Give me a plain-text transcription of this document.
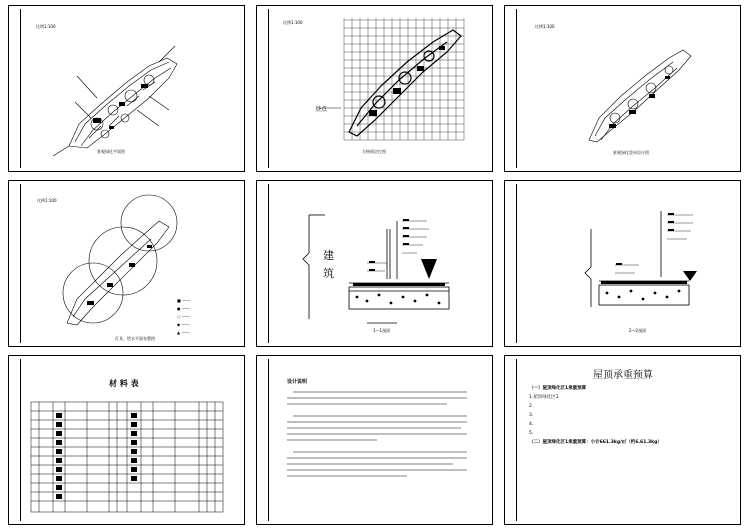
比例1:100
景观绿化平面图
比例1:100
基点
方格网定位图
比例1:100
景观绿化竖向设计图
比例1:100
■ ——
● ——
○ ——
◆ ——
▲ ——
灯具、给水平面布置图
建
筑
1—1剖面	2—2剖面
材 料 表	设计说明
屋顶承重预算
（一）屋顶绿化区1承重预算
1.屋顶绿化区1
2.
3.
4.
5.
（二）屋顶绿化区1承重预算：小计661.3kg/㎡（约6.61.3kg）
